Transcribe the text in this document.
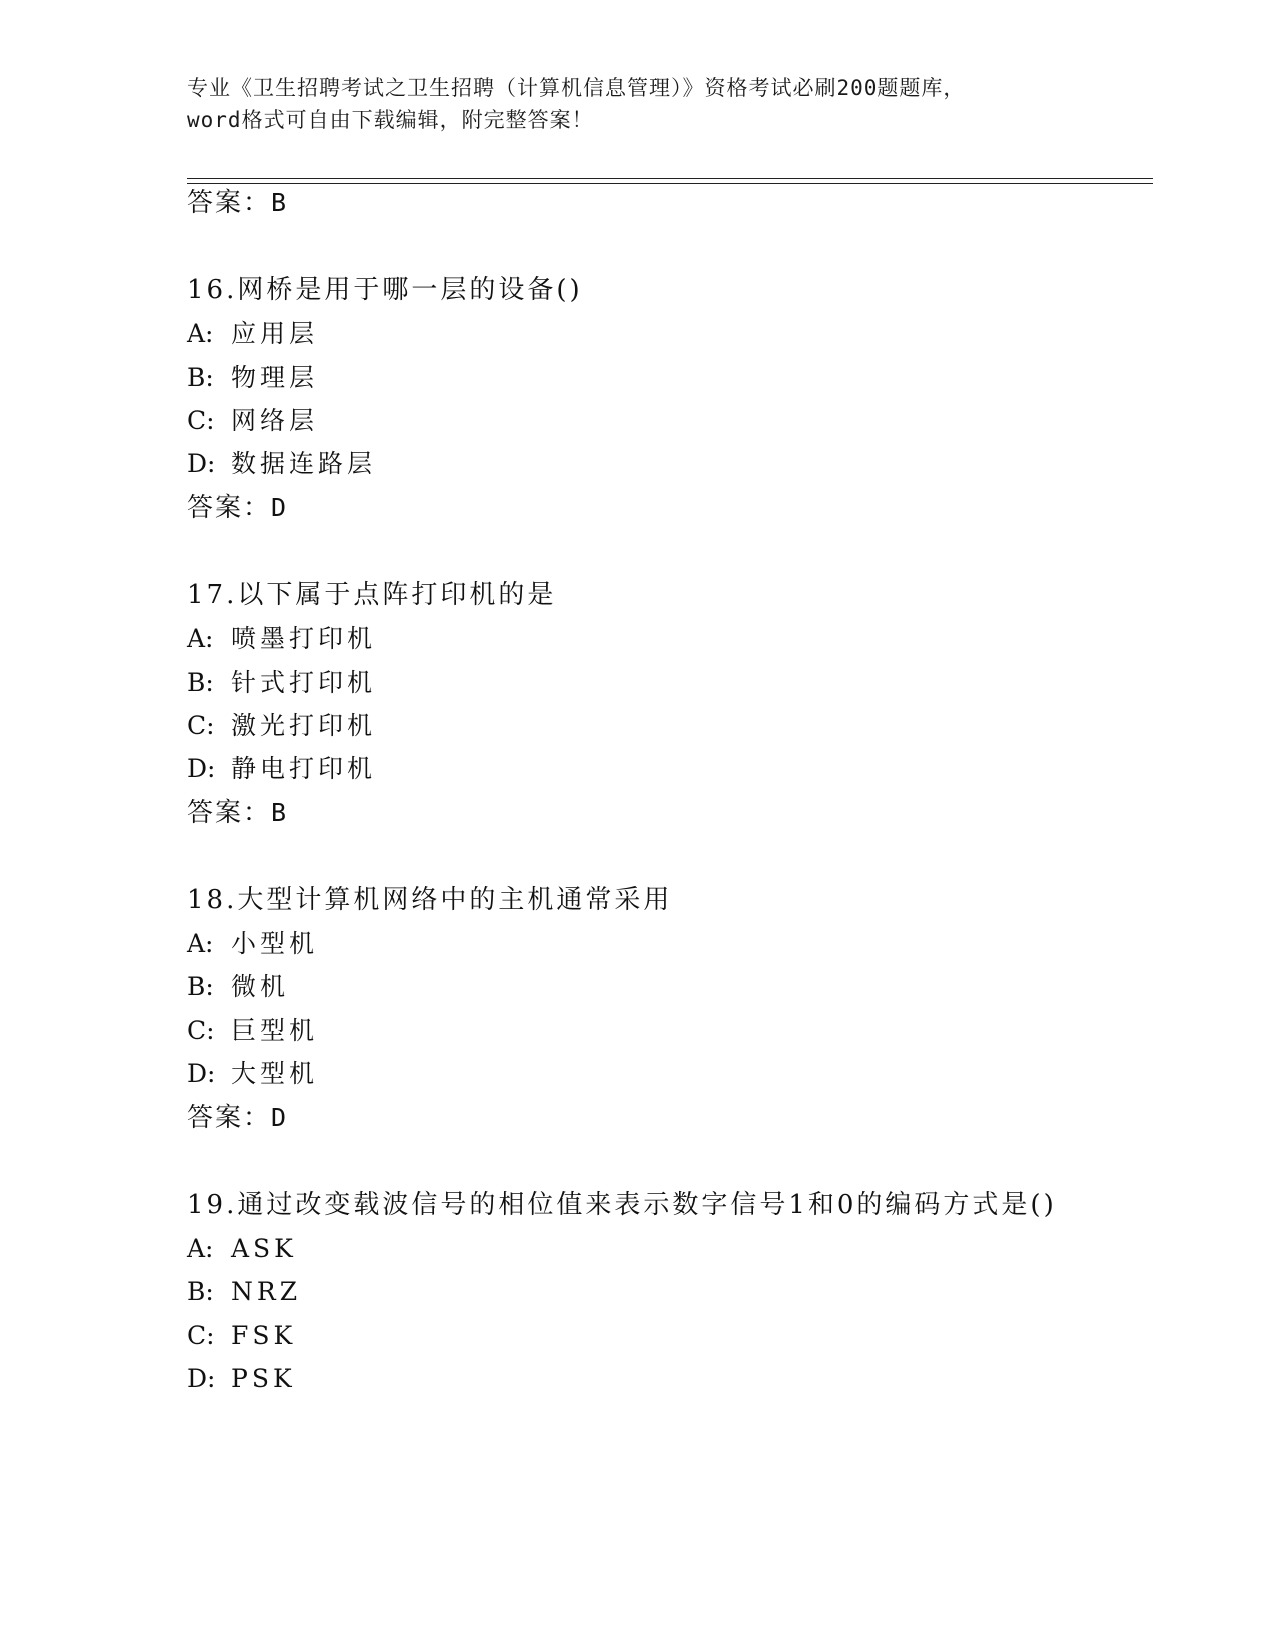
专业《卫生招聘考试之卫生招聘（计算机信息管理）》资格考试必刷200题题库，
word格式可自由下载编辑，附完整答案！
答案：B
16.网桥是用于哪一层的设备()
A: 应用层
B: 物理层
C: 网络层
D: 数据连路层
答案：D
17.以下属于点阵打印机的是
A: 喷墨打印机
B: 针式打印机
C: 激光打印机
D: 静电打印机
答案：B
18.大型计算机网络中的主机通常采用
A: 小型机
B: 微机
C: 巨型机
D: 大型机
答案：D
19.通过改变载波信号的相位值来表示数字信号1和0的编码方式是()
A: ASK
B: NRZ
C: FSK
D: PSK
